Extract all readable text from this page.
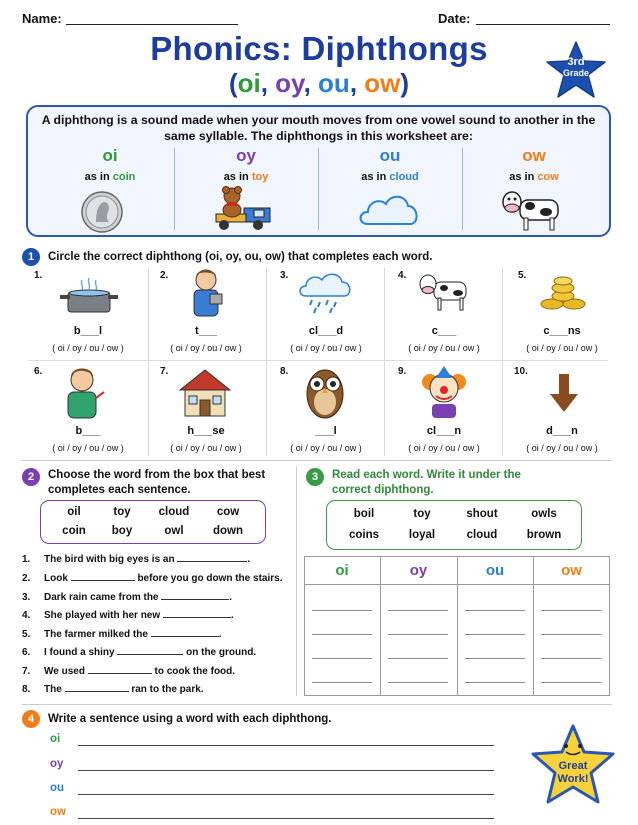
Name:	Date:
Phonics: Diphthongs
(oi, oy, ou, ow)
3rd
Grade
A diphthong is a sound made when your mouth moves from one vowel sound to another in the same syllable. The diphthongs in this worksheet are:
oi
as in coin
oy
as in toy
ou
as in cloud
ow
as in cow
1	Circle the correct diphthong (oi, oy, ou, ow) that completes each word.
1.
b___l
( oi / oy / ou / ow )
2.
t___
( oi / oy / ou / ow )
3.
cl___d
( oi / oy / ou / ow )
4.
c___
( oi / oy / ou / ow )
5.
c___ns
( oi / oy / ou / ow )
6.
b___
( oi / oy / ou / ow )
7.
h___se
( oi / oy / ou / ow )
8.
___l
( oi / oy / ou / ow )
9.
cl___n
( oi / oy / ou / ow )
10.
d___n
( oi / oy / ou / ow )
2	Choose the word from the box that best completes each sentence.
oil	toy	cloud	cow
coin	boy	owl	down
1. The bird with big eyes is an	.
2. Look	before you go down the stairs.
3. Dark rain came from the	.
4. She played with her new	.
5. The farmer milked the	.
6. I found a shiny	on the ground.
7. We used	to cook the food.
8. The	ran to the park.
3	Read each word. Write it under the correct diphthong.
boil	toy	shout	owls
coins	loyal	cloud	brown
oi	oy	ou	ow
4	Write a sentence using a word with each diphthong.
oi
oy
ou
ow
Great
Work!
